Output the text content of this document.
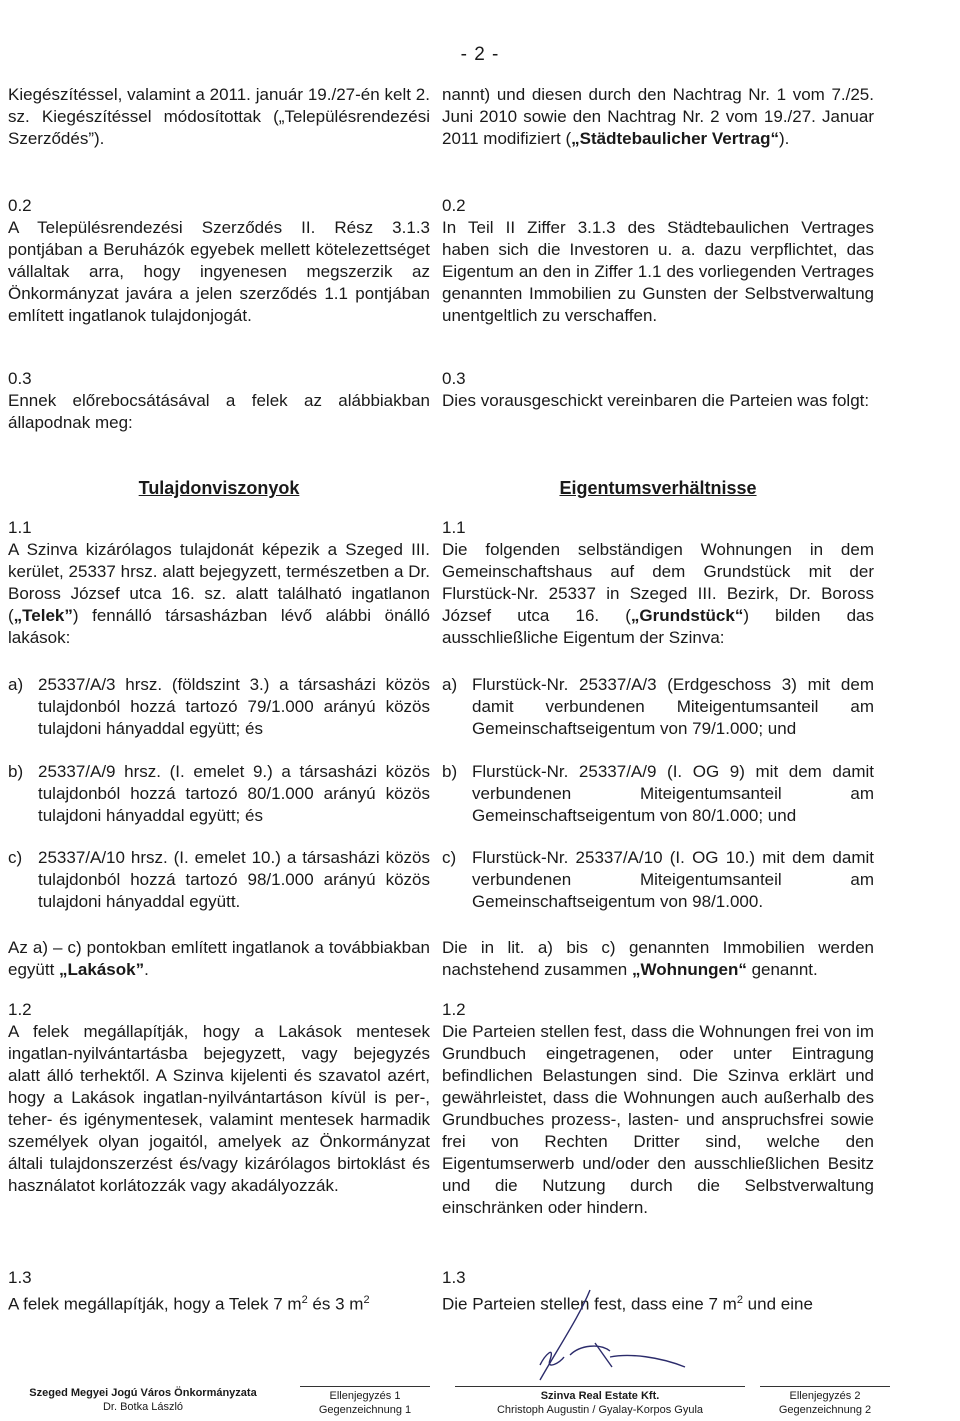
- 2 -
Kiegészítéssel, valamint a 2011. január 19./27-én kelt 2. sz. Kiegészítéssel módosítottak („Településrendezési Szerződés”).
0.2
A Településrendezési Szerződés II. Rész 3.1.3 pontjában a Beruházók egyebek mellett kötelezettséget vállaltak arra, hogy ingyenesen megszerzik az Önkormányzat javára a jelen szerződés 1.1 pontjában említett ingatlanok tulajdonjogát.
0.3
Ennek előrebocsátásával a felek az alábbiakban állapodnak meg:
1.1
A Szinva kizárólagos tulajdonát képezik a Szeged III. kerület, 25337 hrsz. alatt bejegyzett, természetben a Dr. Boross József utca 16. sz. alatt található ingatlanon („Telek”) fennálló társasházban lévő alábbi önálló lakások:
a) 25337/A/3 hrsz. (földszint 3.) a társasházi közös tulajdonból hozzá tartozó 79/1.000 arányú közös tulajdoni hányaddal együtt; és
b) 25337/A/9 hrsz. (I. emelet 9.) a társasházi közös tulajdonból hozzá tartozó 80/1.000 arányú közös tulajdoni hányaddal együtt; és
c) 25337/A/10 hrsz. (I. emelet 10.) a társasházi közös tulajdonból hozzá tartozó 98/1.000 arányú közös tulajdoni hányaddal együtt.
Az a) – c) pontokban említett ingatlanok a továbbiakban együtt „Lakások”.
1.2
A felek megállapítják, hogy a Lakások mentesek ingatlan-nyilvántartásba bejegyzett, vagy bejegyzés alatt álló terhektől. A Szinva kijelenti és szavatol azért, hogy a Lakások ingatlan-nyilvántartáson kívül is per-, teher- és igénymentesek, valamint mentesek harmadik személyek olyan jogaitól, amelyek az Önkormányzat általi tulajdonszerzést és/vagy kizárólagos birtoklást és használatot korlátozzák vagy akadályozzák.
1.3
A felek megállapítják, hogy a Telek 7 $m^2$ és 3 $m^2$
nannt) und diesen durch den Nachtrag Nr. 1 vom 7./25. Juni 2010 sowie den Nachtrag Nr. 2 vom 19./27. Januar 2011 modifiziert („Städtebaulicher Vertrag“).
0.2
In Teil II Ziffer 3.1.3 des Städtebaulichen Vertrages haben sich die Investoren u. a. dazu verpflichtet, das Eigentum an den in Ziffer 1.1 des vorliegenden Vertrages genannten Immobilien zu Gunsten der Selbstverwaltung unentgeltlich zu verschaffen.
0.3
Dies vorausgeschickt vereinbaren die Parteien was folgt:
1.1
Die folgenden selbständigen Wohnungen in dem Gemeinschaftshaus auf dem Grundstück mit der Flurstück-Nr. 25337 in Szeged III. Bezirk, Dr. Boross József utca 16. („Grundstück“) bilden das ausschließliche Eigentum der Szinva:
a) Flurstück-Nr. 25337/A/3 (Erdgeschoss 3) mit dem damit verbundenen Miteigentumsanteil am Gemeinschaftseigentum von 79/1.000; und
b) Flurstück-Nr. 25337/A/9 (I. OG 9) mit dem damit verbundenen Miteigentumsanteil am Gemeinschaftseigentum von 80/1.000; und
c) Flurstück-Nr. 25337/A/10 (I. OG 10.) mit dem damit verbundenen Miteigentumsanteil am Gemeinschaftseigentum von 98/1.000.
Die in lit. a) bis c) genannten Immobilien werden nachstehend zusammen „Wohnungen“ genannt.
1.2
Die Parteien stellen fest, dass die Wohnungen frei von im Grundbuch eingetragenen, oder unter Eintragung befindlichen Belastungen sind. Die Szinva erklärt und gewährleistet, dass die Wohnungen auch außerhalb des Grundbuches prozess-, lasten- und anspruchsfrei sowie frei von Rechten Dritter sind, welche den Eigentumserwerb und/oder den ausschließlichen Besitz und die Nutzung durch die Selbstverwaltung einschränken oder hindern.
1.3
Die Parteien stellen fest, dass eine 7 $m^2$ und eine
Tulajdonviszonyok	Eigentumsverhältnisse
Szeged Megyei Jogú Város Önkormányzata
Dr. Botka László
Ellenjegyzés 1
Gegenzeichnung 1
Szinva Real Estate Kft.
Christoph Augustin / Gyalay-Korpos Gyula
Ellenjegyzés 2
Gegenzeichnung 2
